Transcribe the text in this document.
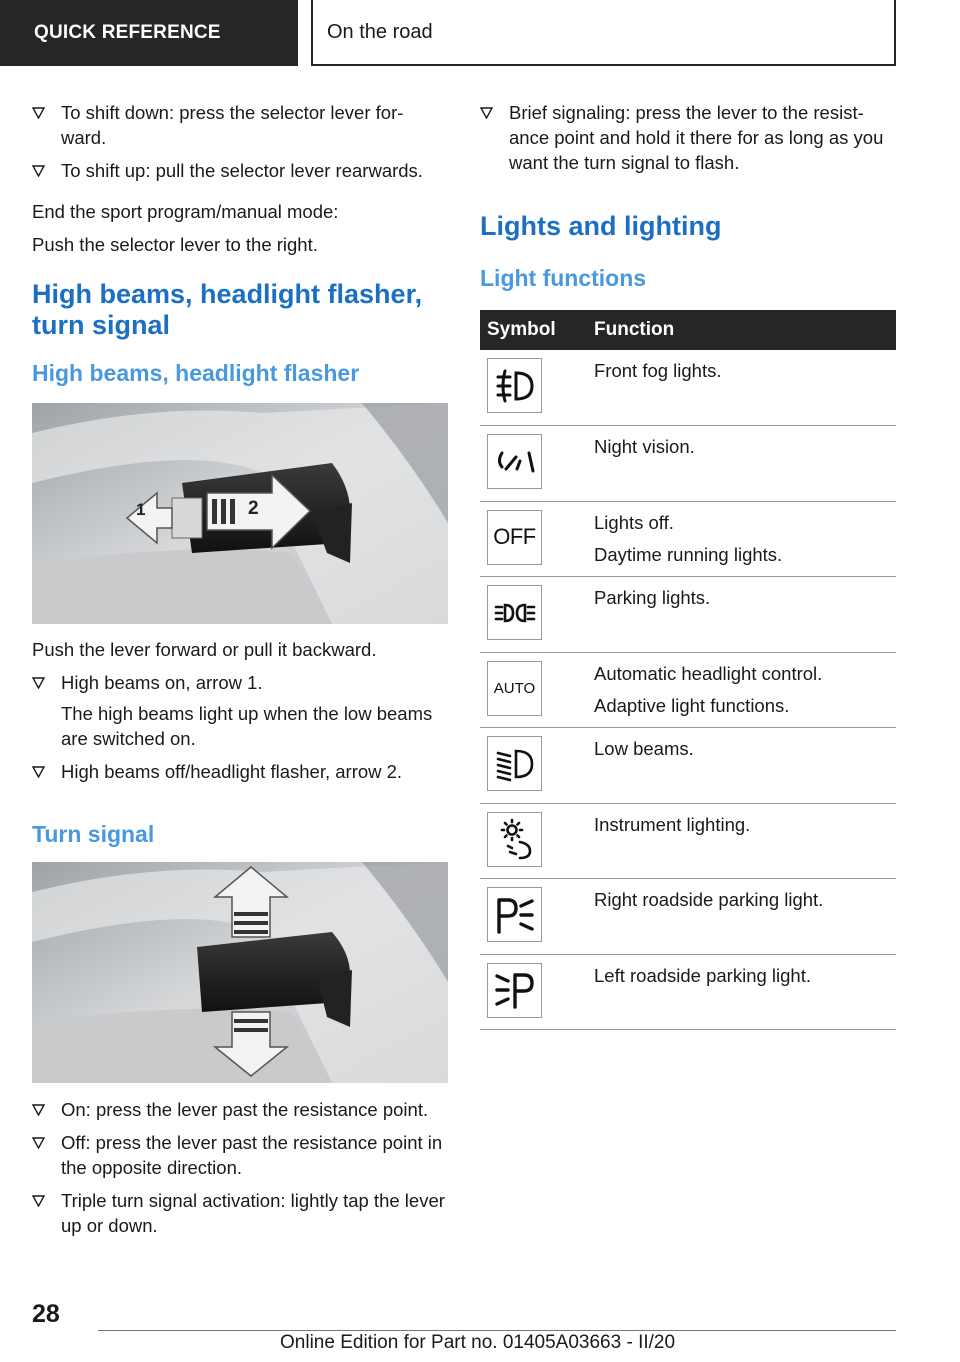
QUICK REFERENCE	On the road
To shift down: press the selector lever for-ward.
To shift up: pull the selector lever rearwards.

End the sport program/manual mode:

Push the selector lever to the right.

High beams, headlight flasher, turn signal
High beams, headlight flasher
1	2

Push the lever forward or pull it backward.

High beams on, arrow 1.
The high beams light up when the low beams are switched on.
High beams off/headlight flasher, arrow 2.
Turn signal
On: press the lever past the resistance point.
Off: press the lever past the resistance point in the opposite direction.
Triple turn signal activation: lightly tap the lever up or down.
Brief signaling: press the lever to the resist-ance point and hold it there for as long as you want the turn signal to flash.
Lights and lighting
Light functions
Symbol	Function

Front fog lights.

Night vision.

OFF	Lights off.
Daytime running lights.

Parking lights.

AUTO	Automatic headlight control.
Adaptive light functions.

Low beams.

Instrument lighting.

Right roadside parking light.

Left roadside parking light.
28
Online Edition for Part no. 01405A03663 - II/20
